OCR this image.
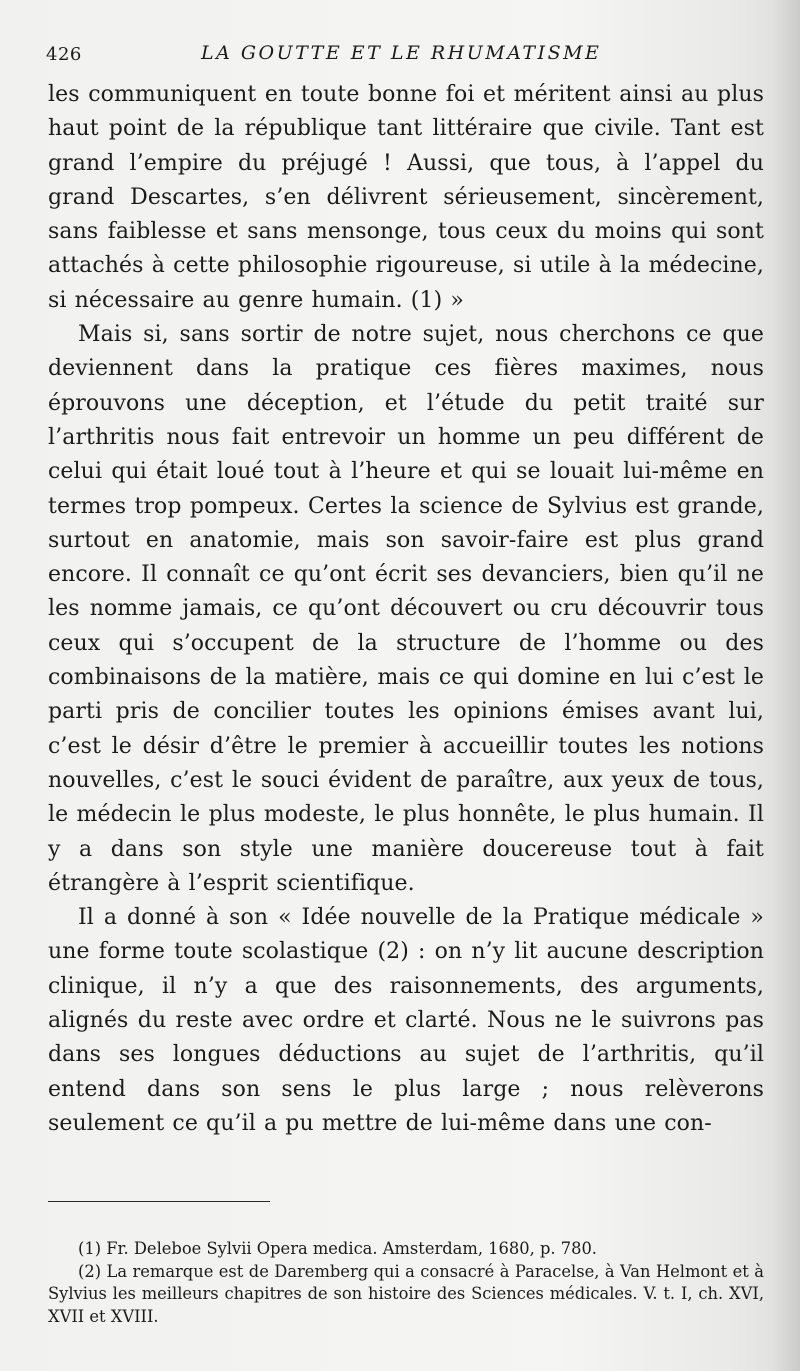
426	LA GOUTTE ET LE RHUMATISME

les communiquent en toute bonne foi et méritent ainsi au plus haut point de la république tant littéraire que civile. Tant est grand l’empire du préjugé ! Aussi, que tous, à l’appel du grand Descartes, s’en délivrent sérieusement, sincèrement, sans faiblesse et sans mensonge, tous ceux du moins qui sont attachés à cette philosophie rigoureuse, si utile à la médecine, si nécessaire au genre humain. (1) »

Mais si, sans sortir de notre sujet, nous cherchons ce que deviennent dans la pratique ces fières maximes, nous éprouvons une déception, et l’étude du petit traité sur l’arthritis nous fait entrevoir un homme un peu différent de celui qui était loué tout à l’heure et qui se louait lui-même en termes trop pompeux. Certes la science de Sylvius est grande, surtout en anatomie, mais son savoir-faire est plus grand encore. Il connaît ce qu’ont écrit ses devanciers, bien qu’il ne les nomme jamais, ce qu’ont découvert ou cru découvrir tous ceux qui s’occupent de la structure de l’homme ou des combinaisons de la matière, mais ce qui domine en lui c’est le parti pris de concilier toutes les opinions émises avant lui, c’est le désir d’être le premier à accueillir toutes les notions nouvelles, c’est le souci évident de paraître, aux yeux de tous, le médecin le plus modeste, le plus honnête, le plus humain. Il y a dans son style une manière doucereuse tout à fait étrangère à l’esprit scientifique.

Il a donné à son « Idée nouvelle de la Pratique médicale » une forme toute scolastique (2) : on n’y lit aucune description clinique, il n’y a que des raisonnements, des arguments, alignés du reste avec ordre et clarté. Nous ne le suivrons pas dans ses longues déductions au sujet de l’arthritis, qu’il entend dans son sens le plus large ; nous relèverons seulement ce qu’il a pu mettre de lui-même dans une con-

(1) Fr. Deleboe Sylvii Opera medica. Amsterdam, 1680, p. 780.

(2) La remarque est de Daremberg qui a consacré à Paracelse, à Van Helmont et à Sylvius les meilleurs chapitres de son histoire des Sciences médicales. V. t. I, ch. XVI, XVII et XVIII.
